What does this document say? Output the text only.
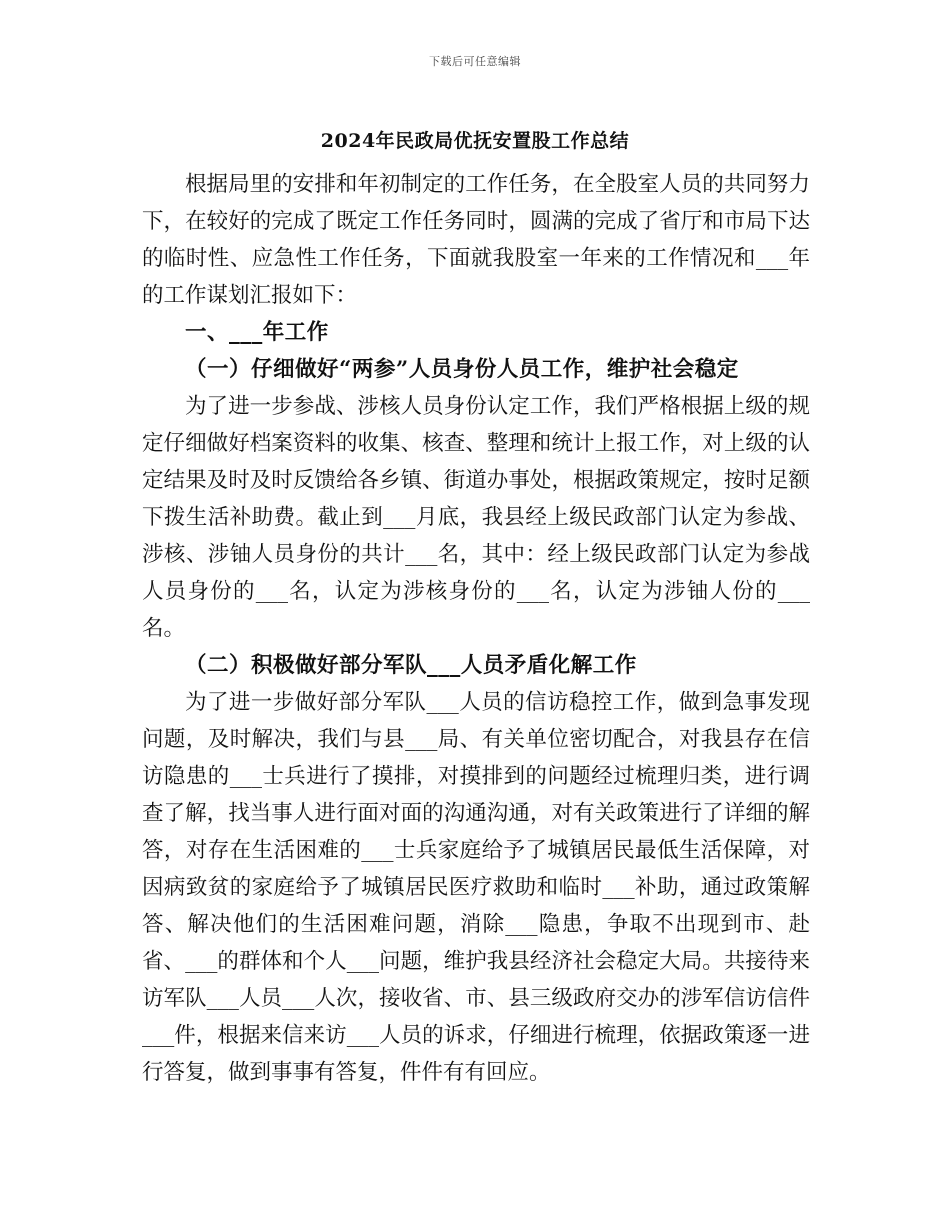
下载后可任意编辑
2024年民政局优抚安置股工作总结

根据局里的安排和年初制定的工作任务，在全股室人员的共同努力下，在较好的完成了既定工作任务同时，圆满的完成了省厅和市局下达的临时性、应急性工作任务，下面就我股室一年来的工作情况和___年的工作谋划汇报如下：

一、___年工作

（一）仔细做好“两参”人员身份人员工作，维护社会稳定

为了进一步参战、涉核人员身份认定工作，我们严格根据上级的规定仔细做好档案资料的收集、核查、整理和统计上报工作，对上级的认定结果及时及时反馈给各乡镇、街道办事处，根据政策规定，按时足额下拨生活补助费。截止到___月底，我县经上级民政部门认定为参战、涉核、涉铀人员身份的共计___名，其中：经上级民政部门认定为参战人员身份的___名，认定为涉核身份的___名，认定为涉铀人份的___名。

（二）积极做好部分军队___人员矛盾化解工作

为了进一步做好部分军队___人员的信访稳控工作，做到急事发现问题，及时解决，我们与县___局、有关单位密切配合，对我县存在信访隐患的___士兵进行了摸排，对摸排到的问题经过梳理归类，进行调查了解，找当事人进行面对面的沟通沟通，对有关政策进行了详细的解答，对存在生活困难的___士兵家庭给予了城镇居民最低生活保障，对因病致贫的家庭给予了城镇居民医疗救助和临时___补助，通过政策解答、解决他们的生活困难问题，消除___隐患，争取不出现到市、赴省、___的群体和个人___问题，维护我县经济社会稳定大局。共接待来访军队___人员___人次，接收省、市、县三级政府交办的涉军信访信件___件，根据来信来访___人员的诉求，仔细进行梳理，依据政策逐一进行答复，做到事事有答复，件件有有回应。
